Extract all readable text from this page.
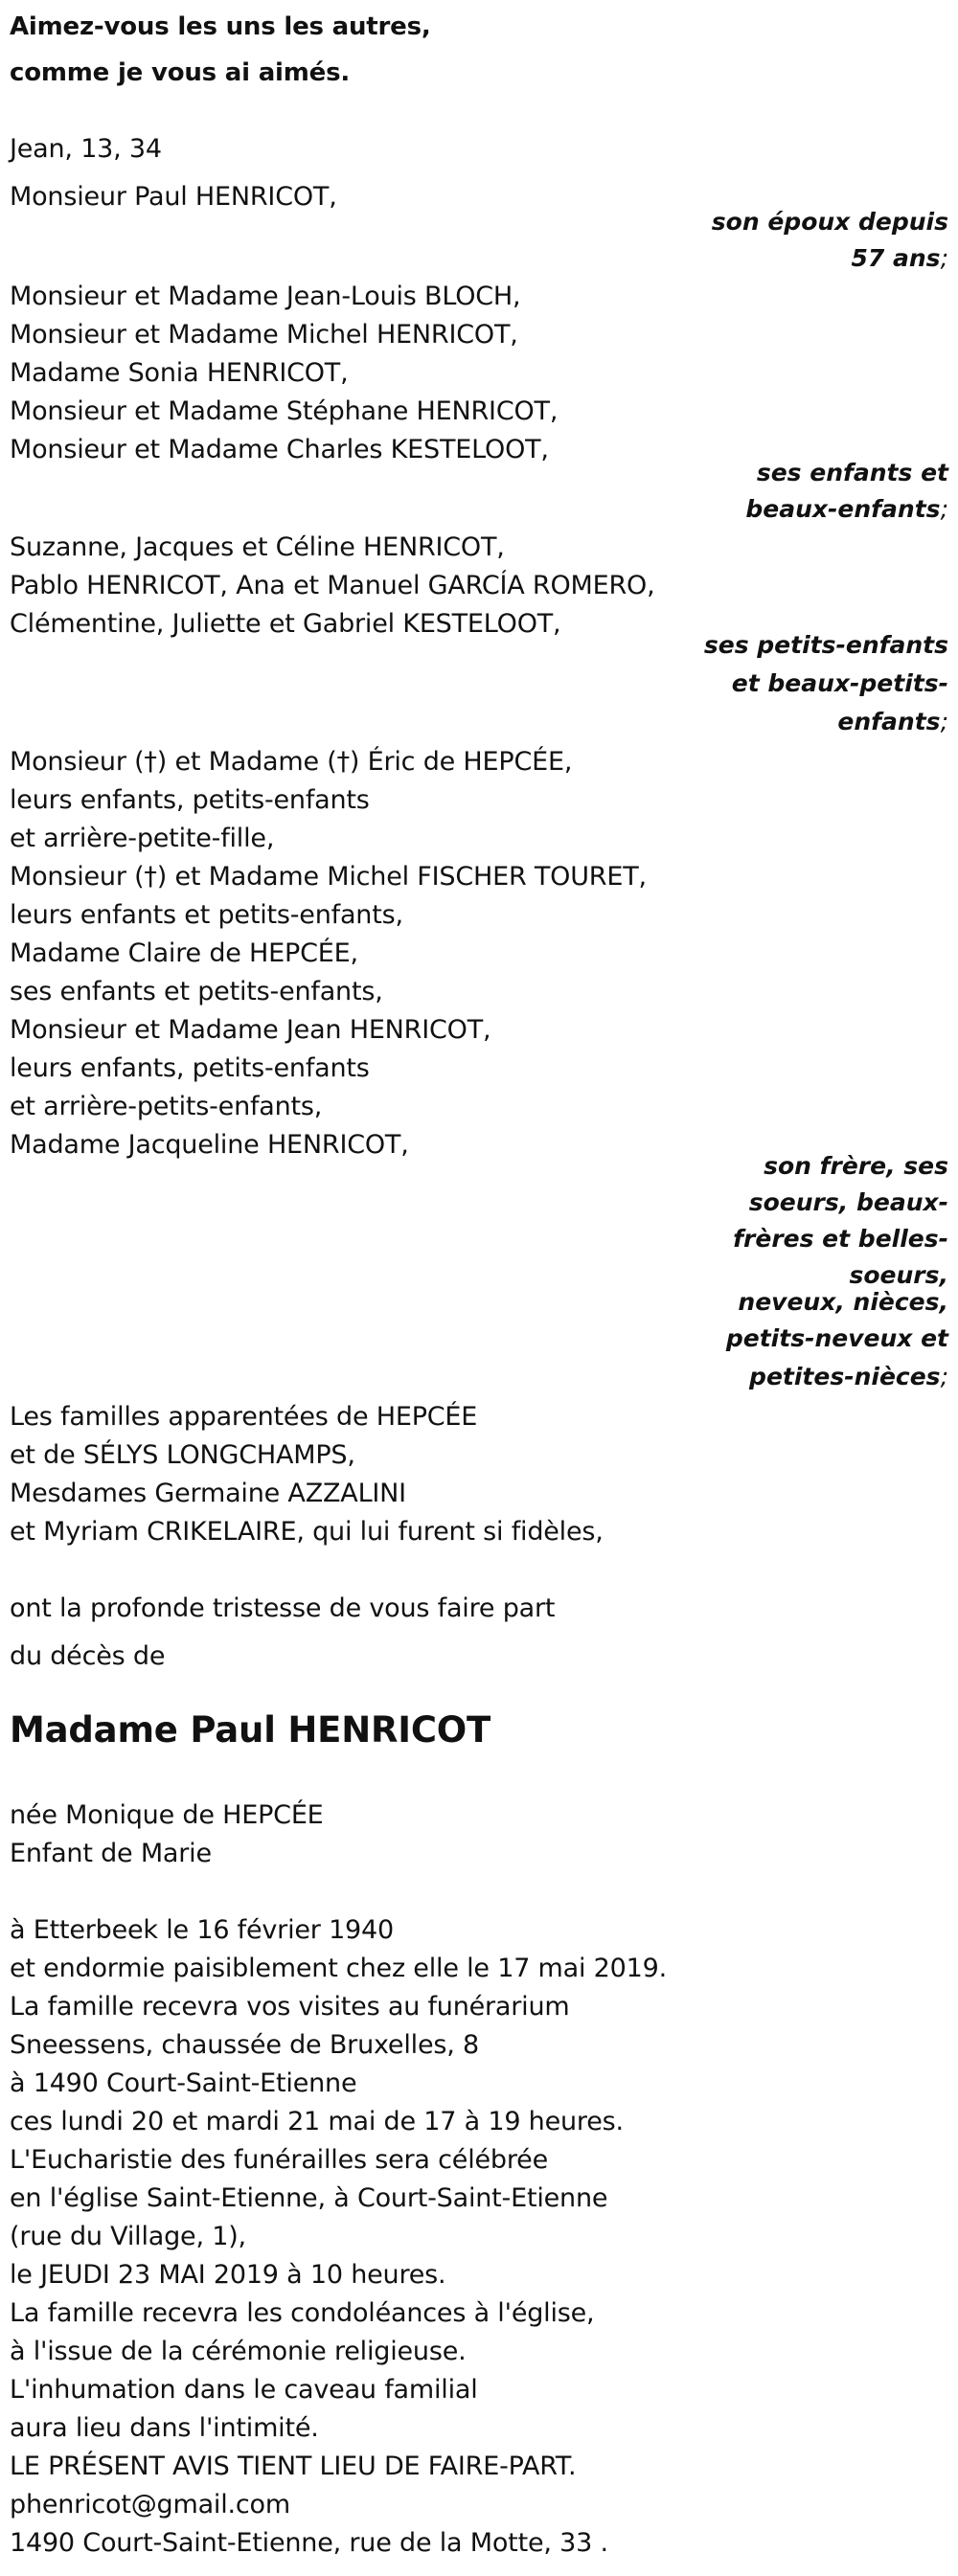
Aimez-vous les uns les autres,
comme je vous ai aimés.
Jean, 13, 34
Monsieur Paul HENRICOT,
son époux depuis
57 ans;
Monsieur et Madame Jean-Louis BLOCH,
Monsieur et Madame Michel HENRICOT,
Madame Sonia HENRICOT,
Monsieur et Madame Stéphane HENRICOT,
Monsieur et Madame Charles KESTELOOT,
ses enfants et
beaux-enfants;
Suzanne, Jacques et Céline HENRICOT,
Pablo HENRICOT, Ana et Manuel GARCÍA ROMERO,
Clémentine, Juliette et Gabriel KESTELOOT,
ses petits-enfants
et beaux-petits-
enfants;
Monsieur (†) et Madame (†) Éric de HEPCÉE,
leurs enfants, petits-enfants
et arrière-petite-fille,
Monsieur (†) et Madame Michel FISCHER TOURET,
leurs enfants et petits-enfants,
Madame Claire de HEPCÉE,
ses enfants et petits-enfants,
Monsieur et Madame Jean HENRICOT,
leurs enfants, petits-enfants
et arrière-petits-enfants,
Madame Jacqueline HENRICOT,
son frère, ses
soeurs, beaux-
frères et belles-
soeurs,
neveux, nièces,
petits-neveux et
petites-nièces;
Les familles apparentées de HEPCÉE
et de SÉLYS LONGCHAMPS,
Mesdames Germaine AZZALINI
et Myriam CRIKELAIRE, qui lui furent si fidèles,
ont la profonde tristesse de vous faire part
du décès de
Madame Paul HENRICOT
née Monique de HEPCÉE
Enfant de Marie
à Etterbeek le 16 février 1940
et endormie paisiblement chez elle le 17 mai 2019.
La famille recevra vos visites au funérarium
Sneessens, chaussée de Bruxelles, 8
à 1490 Court-Saint-Etienne
ces lundi 20 et mardi 21 mai de 17 à 19 heures.
L'Eucharistie des funérailles sera célébrée
en l'église Saint-Etienne, à Court-Saint-Etienne
(rue du Village, 1),
le JEUDI 23 MAI 2019 à 10 heures.
La famille recevra les condoléances à l'église,
à l'issue de la cérémonie religieuse.
L'inhumation dans le caveau familial
aura lieu dans l'intimité.
LE PRÉSENT AVIS TIENT LIEU DE FAIRE-PART.
phenricot@gmail.com
1490 Court-Saint-Etienne, rue de la Motte, 33 .
